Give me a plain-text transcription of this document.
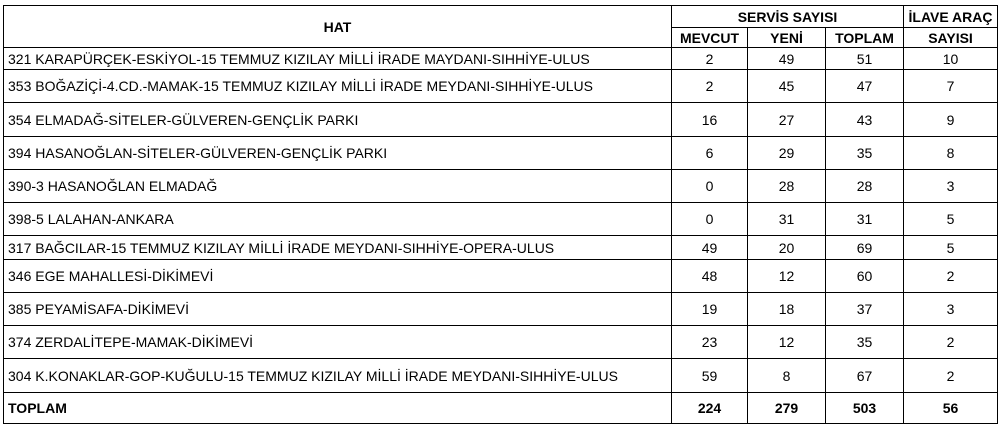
HAT	SERVİS SAYISI			İLAVE ARAÇ
	MEVCUT	YENİ	TOPLAM	SAYISI
321 KARAPÜRÇEK-ESKİYOL-15 TEMMUZ KIZILAY MİLLİ İRADE MAYDANI-SIHHİYE-ULUS	2	49	51	10
353 BOĞAZİÇİ-4.CD.-MAMAK-15 TEMMUZ KIZILAY MİLLİ İRADE MEYDANI-SIHHİYE-ULUS	2	45	47	7
354 ELMADAĞ-SİTELER-GÜLVEREN-GENÇLİK PARKI	16	27	43	9
394 HASANOĞLAN-SİTELER-GÜLVEREN-GENÇLİK PARKI	6	29	35	8
390-3 HASANOĞLAN ELMADAĞ	0	28	28	3
398-5 LALAHAN-ANKARA	0	31	31	5
317 BAĞCILAR-15 TEMMUZ KIZILAY MİLLİ İRADE MEYDANI-SIHHİYE-OPERA-ULUS	49	20	69	5
346 EGE MAHALLESİ-DİKİMEVİ	48	12	60	2
385 PEYAMİSAFA-DİKİMEVİ	19	18	37	3
374 ZERDALİTEPE-MAMAK-DİKİMEVİ	23	12	35	2
304 K.KONAKLAR-GOP-KUĞULU-15 TEMMUZ KIZILAY MİLLİ İRADE MEYDANI-SIHHİYE-ULUS	59	8	67	2
TOPLAM	224	279	503	56
